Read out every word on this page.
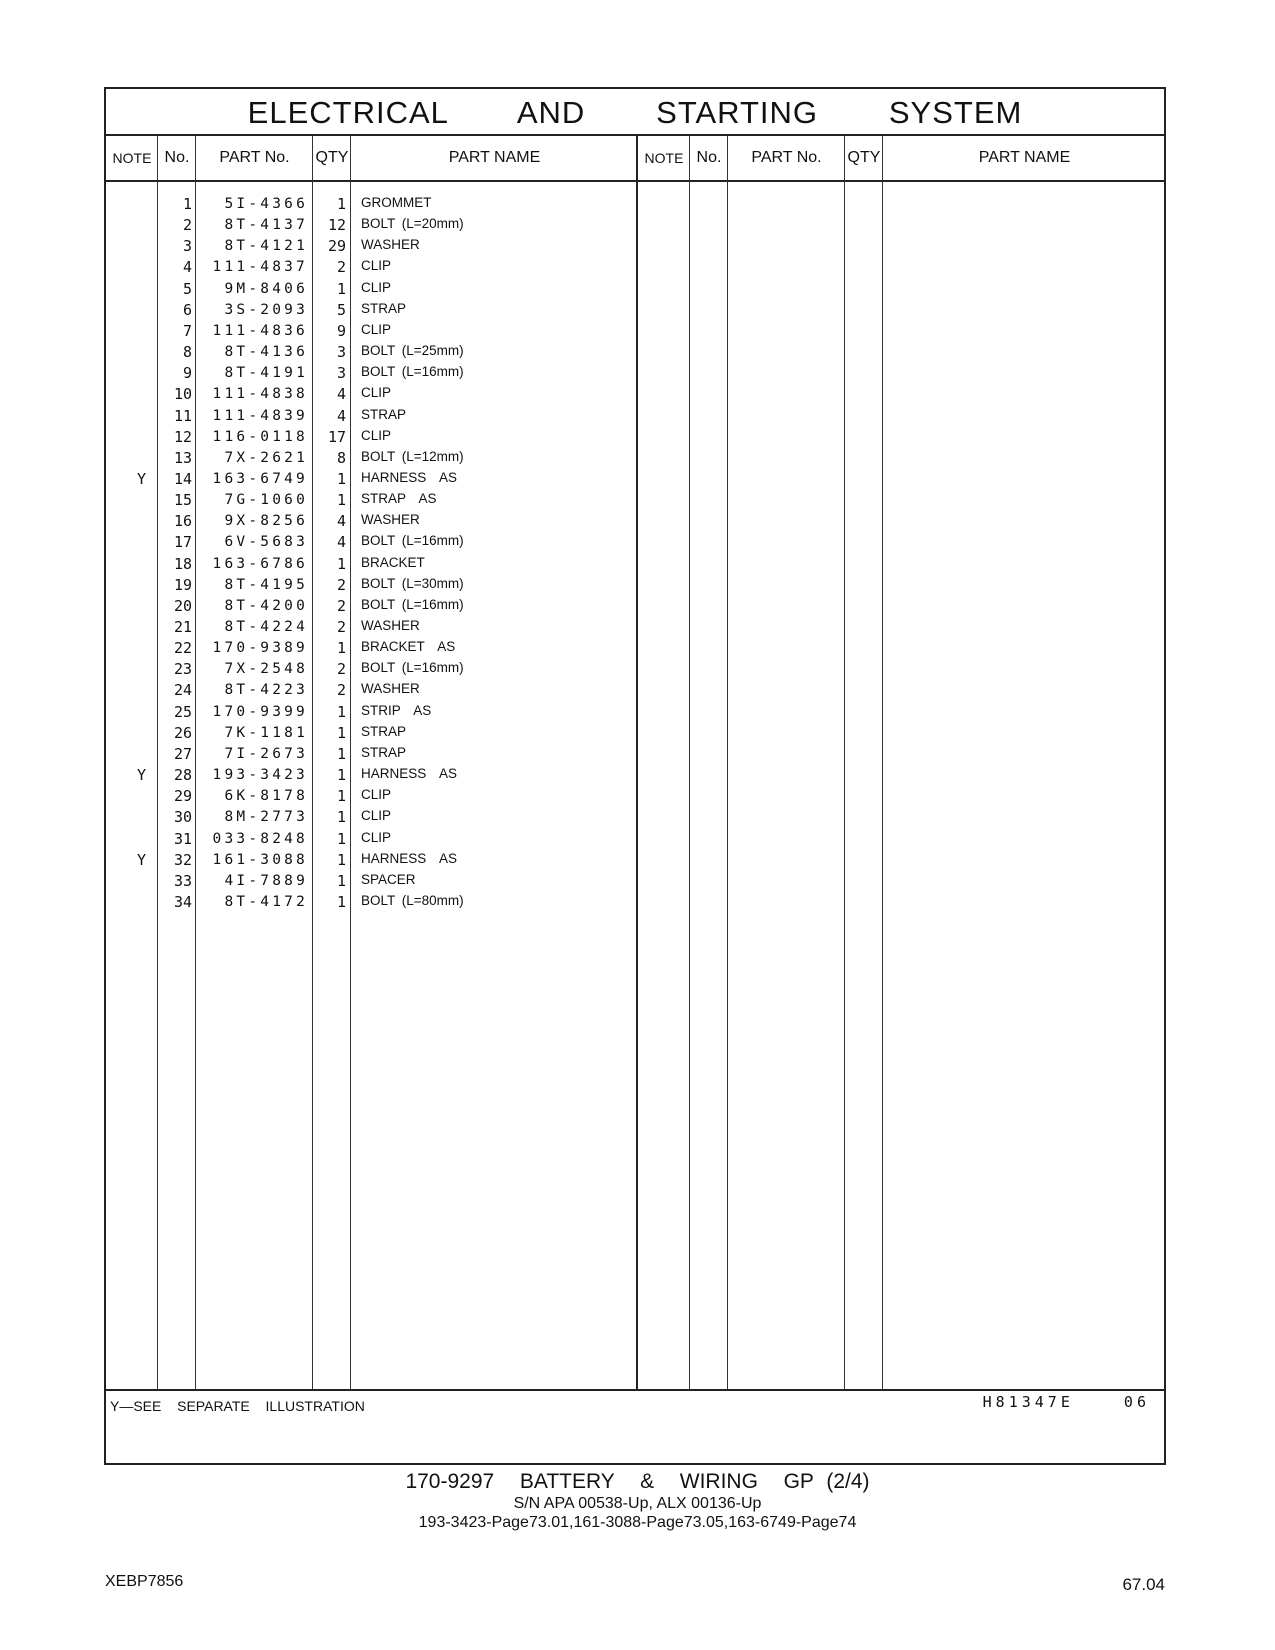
ELECTRICAL   AND   STARTING   SYSTEM
NOTE No.	PART No.	QTY	PART NAME	NOTE No.	PART No.	QTY	PART NAME
1	5I-4366	1	GROMMET
2	8T-4137	12	BOLT (L=20mm)
3	8T-4121	29	WASHER
4	111-4837	2	CLIP
5	9M-8406	1	CLIP
6	3S-2093	5	STRAP
7	111-4836	9	CLIP
8	8T-4136	3	BOLT (L=25mm)
9	8T-4191	3	BOLT (L=16mm)
10	111-4838	4	CLIP
11	111-4839	4	STRAP
12	116-0118	17	CLIP
13	7X-2621	8	BOLT (L=12mm)
Y	14	163-6749	1	HARNESS  AS
15	7G-1060	1	STRAP  AS
16	9X-8256	4	WASHER
17	6V-5683	4	BOLT (L=16mm)
18	163-6786	1	BRACKET
19	8T-4195	2	BOLT (L=30mm)
20	8T-4200	2	BOLT (L=16mm)
21	8T-4224	2	WASHER
22	170-9389	1	BRACKET  AS
23	7X-2548	2	BOLT (L=16mm)
24	8T-4223	2	WASHER
25	170-9399	1	STRIP  AS
26	7K-1181	1	STRAP
27	7I-2673	1	STRAP
Y	28	193-3423	1	HARNESS  AS
29	6K-8178	1	CLIP
30	8M-2773	1	CLIP
31	033-8248	1	CLIP
Y	32	161-3088	1	HARNESS  AS
33	4I-7889	1	SPACER
34	8T-4172	1	BOLT (L=80mm)
Y—SEE  SEPARATE  ILLUSTRATION	H81347E  06
170-9297  BATTERY  &  WIRING  GP (2/4)
S/N APA 00538-Up, ALX 00136-Up
193-3423-Page73.01,161-3088-Page73.05,163-6749-Page74
XEBP7856	67.04
